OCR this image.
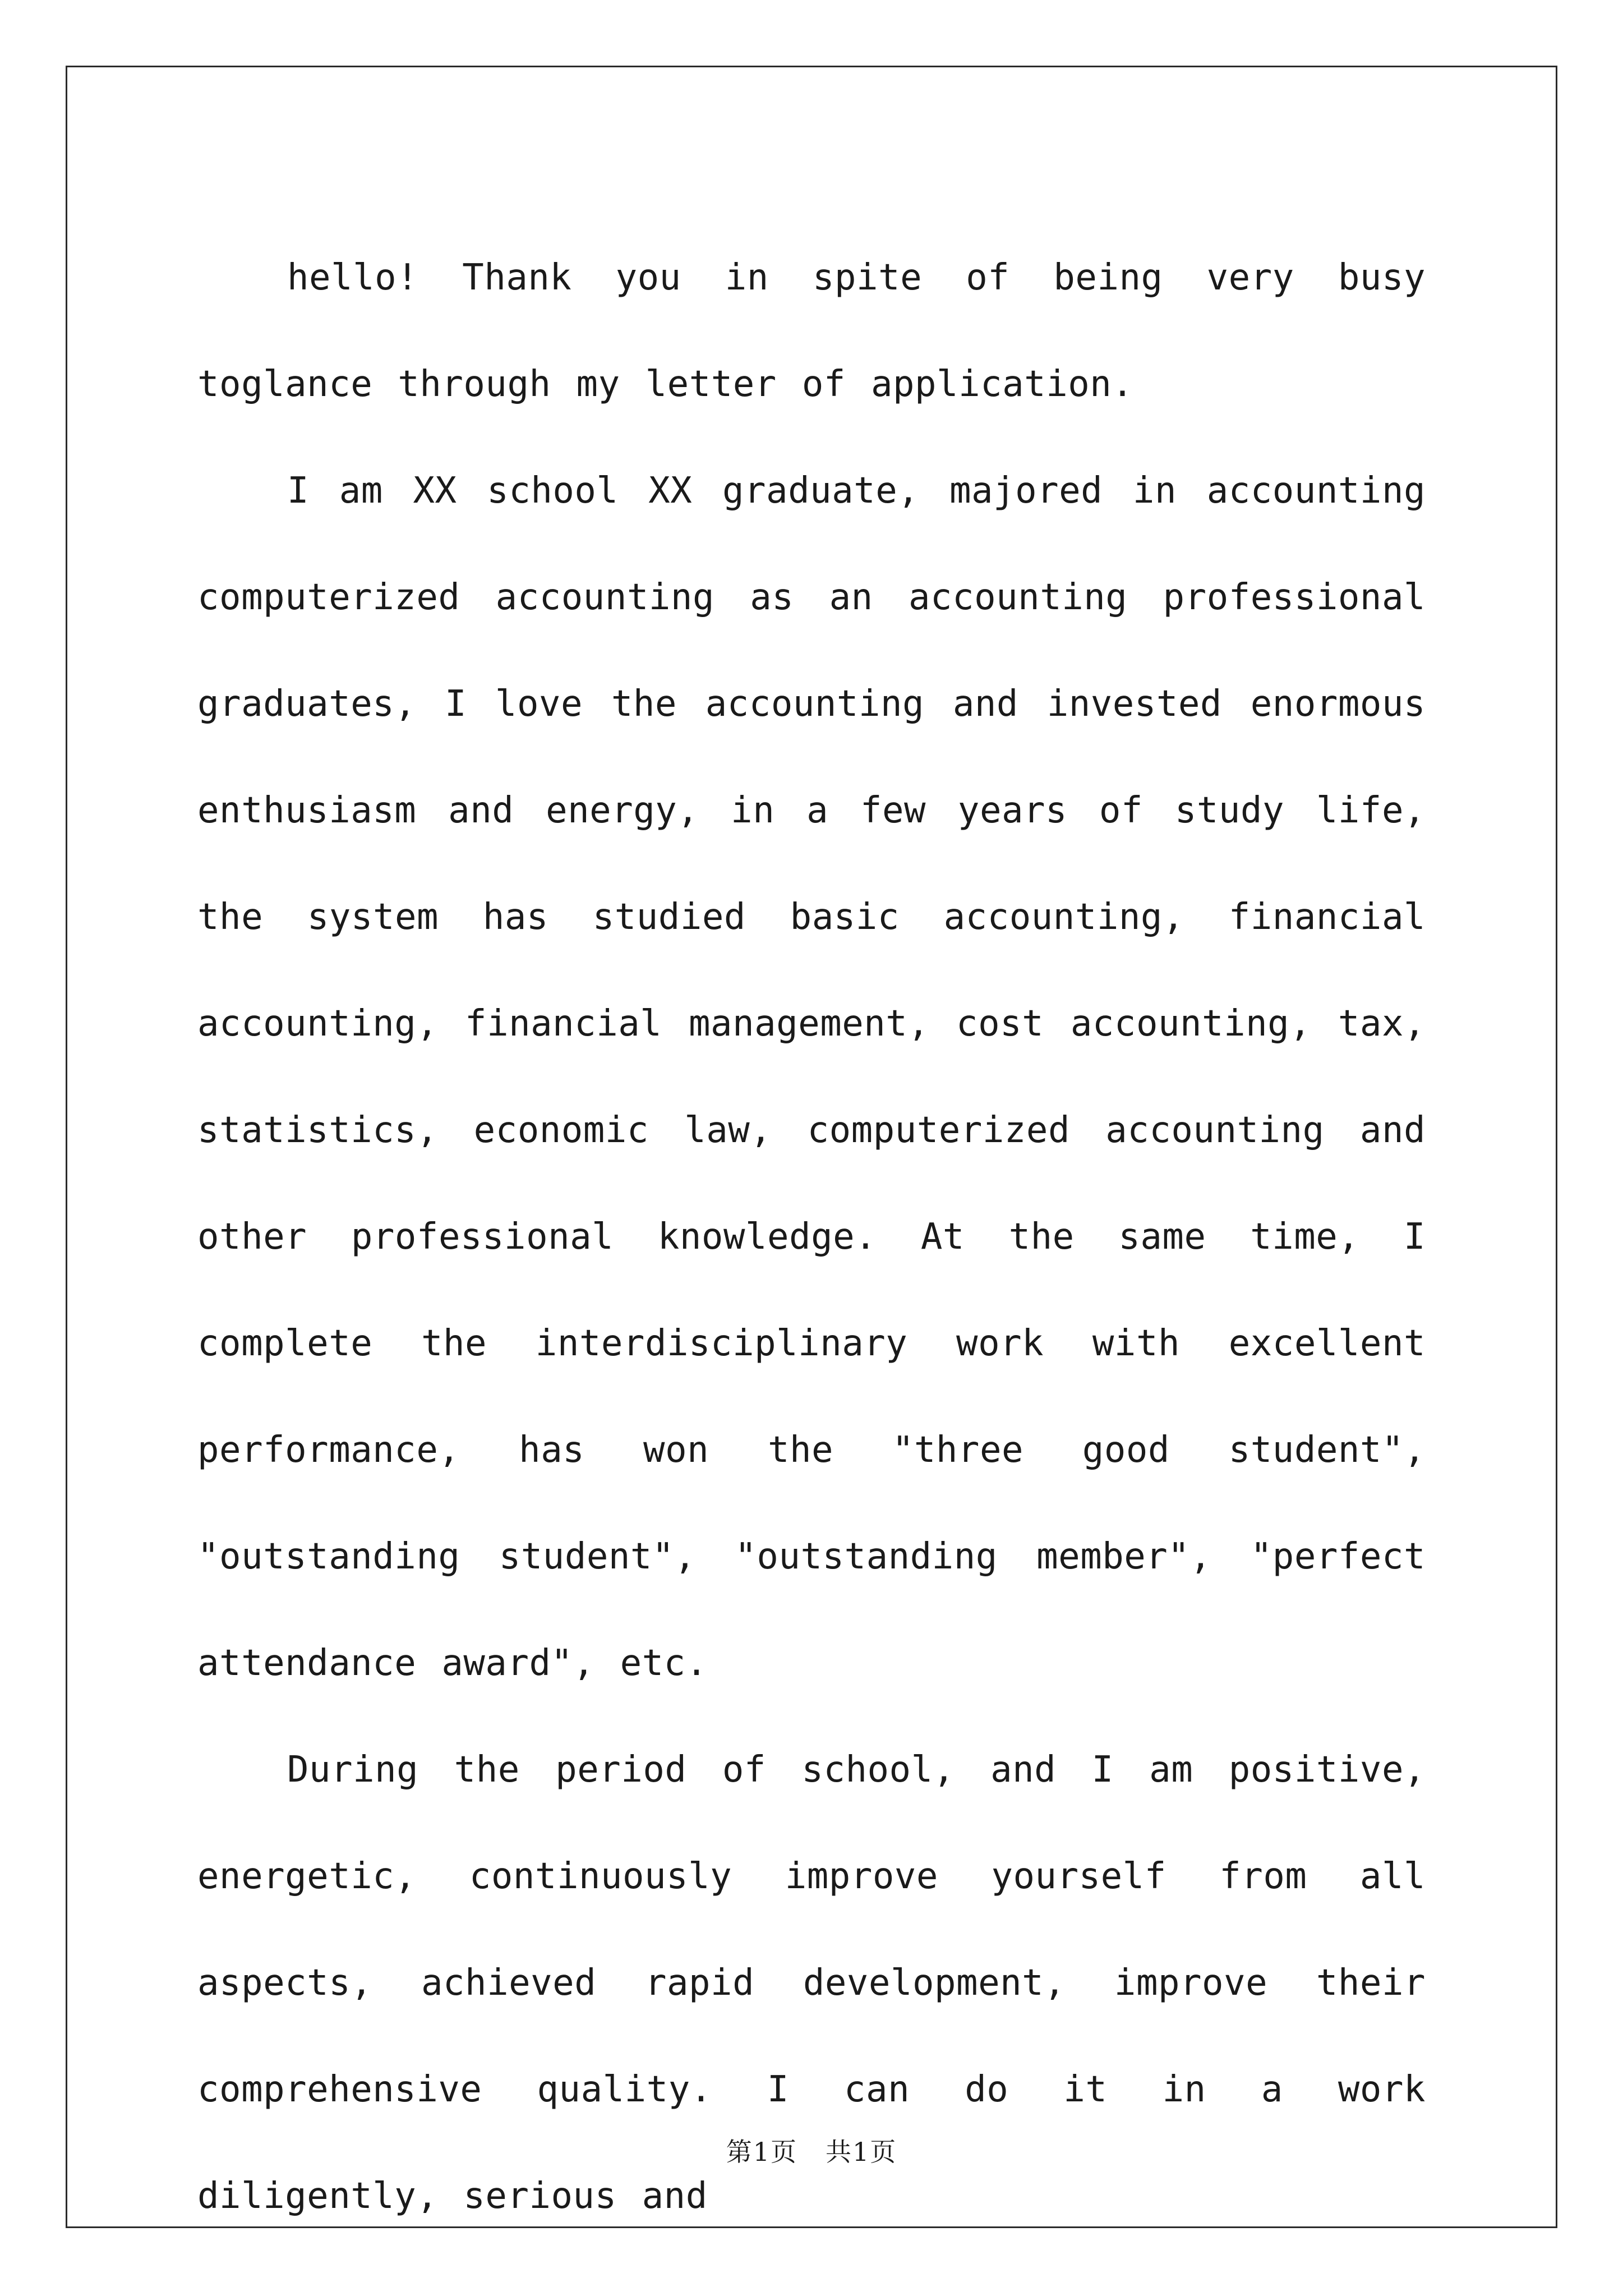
hello! Thank you in spite of being very busy toglance through my letter of application.

I am XX school XX graduate, majored in accounting computerized accounting as an accounting professional graduates, I love the accounting and invested enormous enthusiasm and energy, in a few years of study life, the system has studied basic accounting, financial accounting, financial management, cost accounting, tax, statistics, economic law, computerized accounting and other professional knowledge. At the same time, I complete the interdisciplinary work with excellent performance, has won the "three good student", "outstanding student", "outstanding member", "perfect attendance award", etc.

During the period of school, and I am positive, energetic, continuously improve yourself from all aspects, achieved rapid development, improve their comprehensive quality. I can do it in a work diligently, serious and

第1页 共1页
